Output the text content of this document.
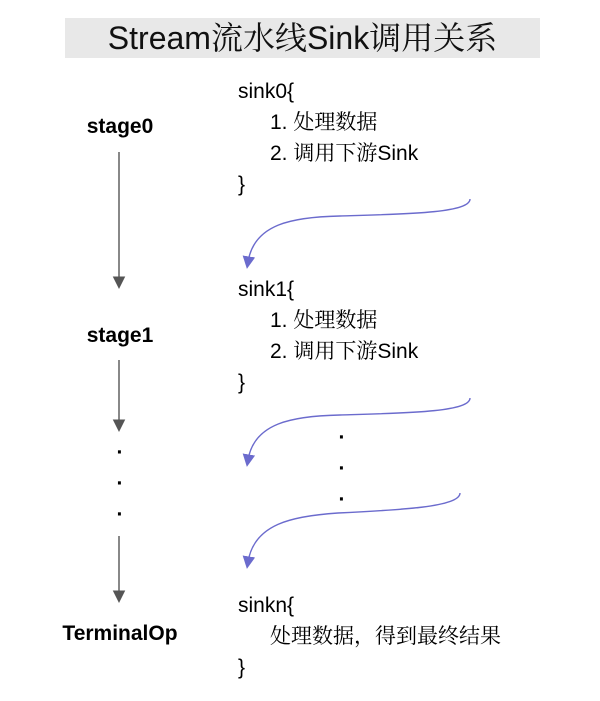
Stream流水线Sink调用关系
stage0
stage1
TerminalOp
·
·
·
sink0{
1. 处理数据
2. 调用下游Sink
}
sink1{
1. 处理数据
2. 调用下游Sink
}
·
·
·
sinkn{
处理数据，得到最终结果
}
